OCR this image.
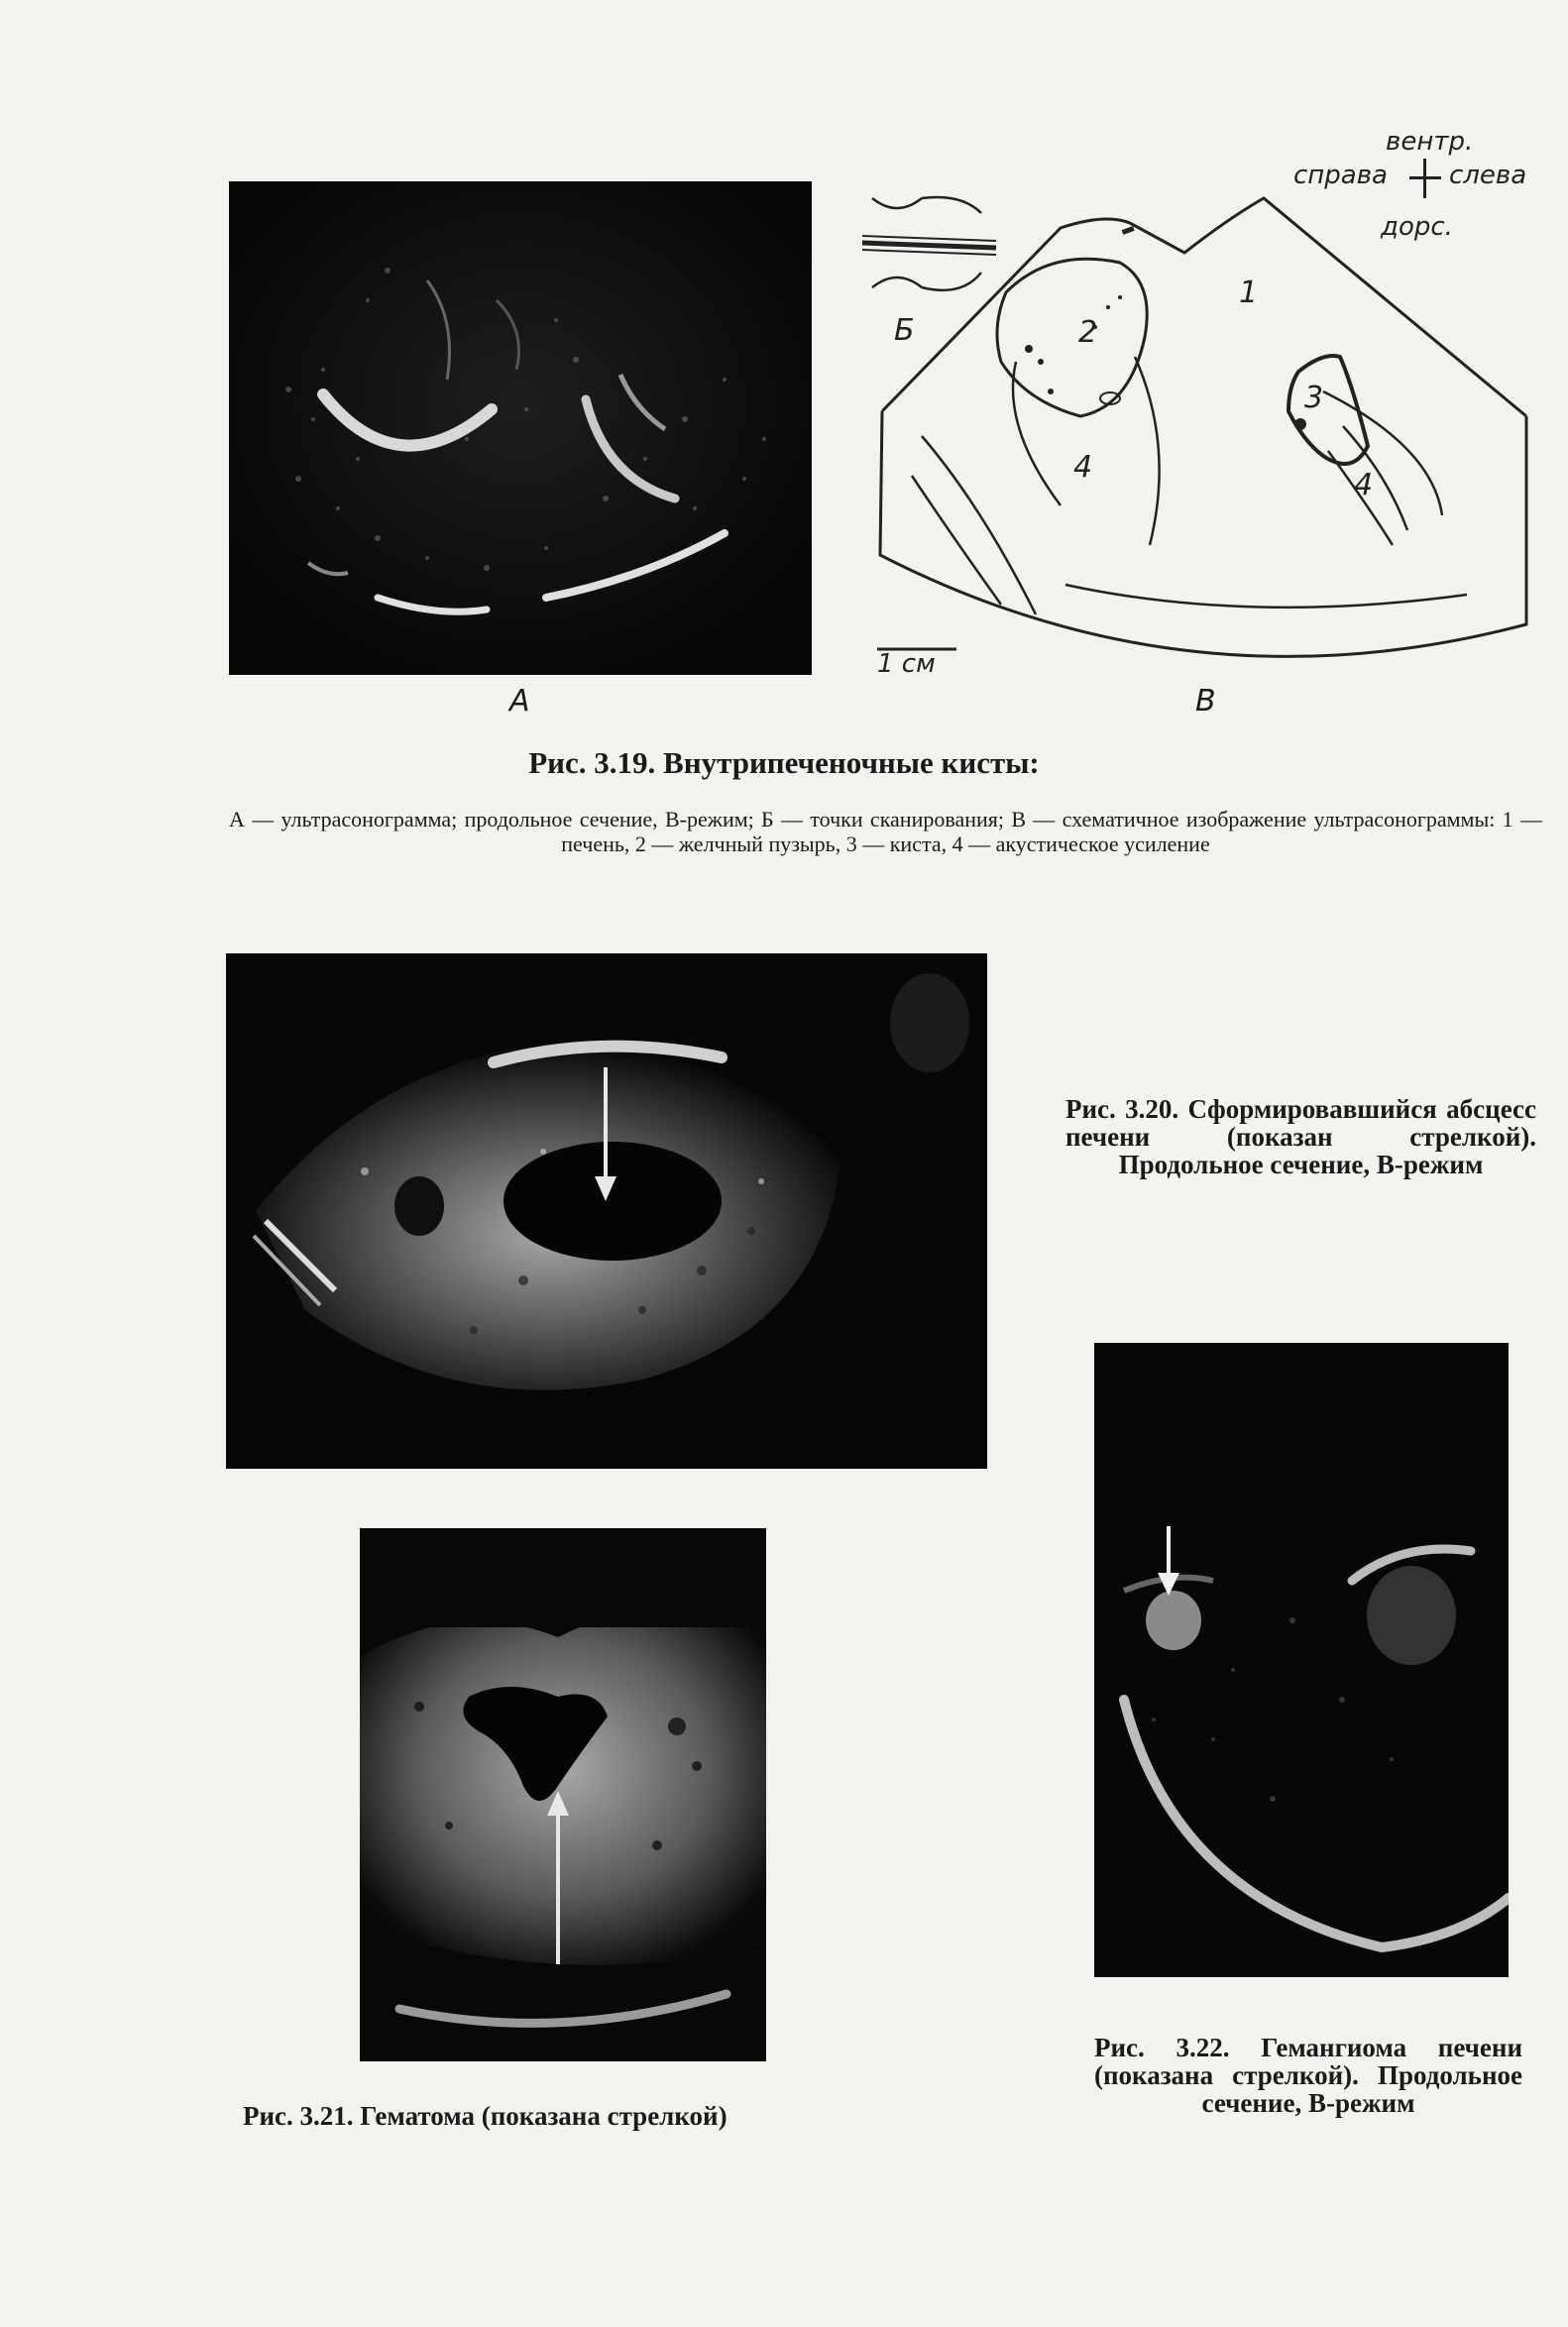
А
вентр.
справа слева
дорс.
Б
1
2
3
4
4
1 см
В
Рис. 3.19. Внутрипеченочные кисты:
А — ультрасонограмма; продольное сечение, В-режим; Б — точки сканирования; В — схематичное изображение ультрасонограммы: 1 — печень, 2 — желчный пузырь, 3 — киста, 4 — акустическое усиление
Рис. 3.20. Сформировавшийся абсцесс печени (показан стрелкой). Продольное сечение, В-режим
Рис. 3.21. Гематома (показана стрелкой)
Рис. 3.22. Гемангиома печени (показана стрелкой). Продольное сечение, В-режим
